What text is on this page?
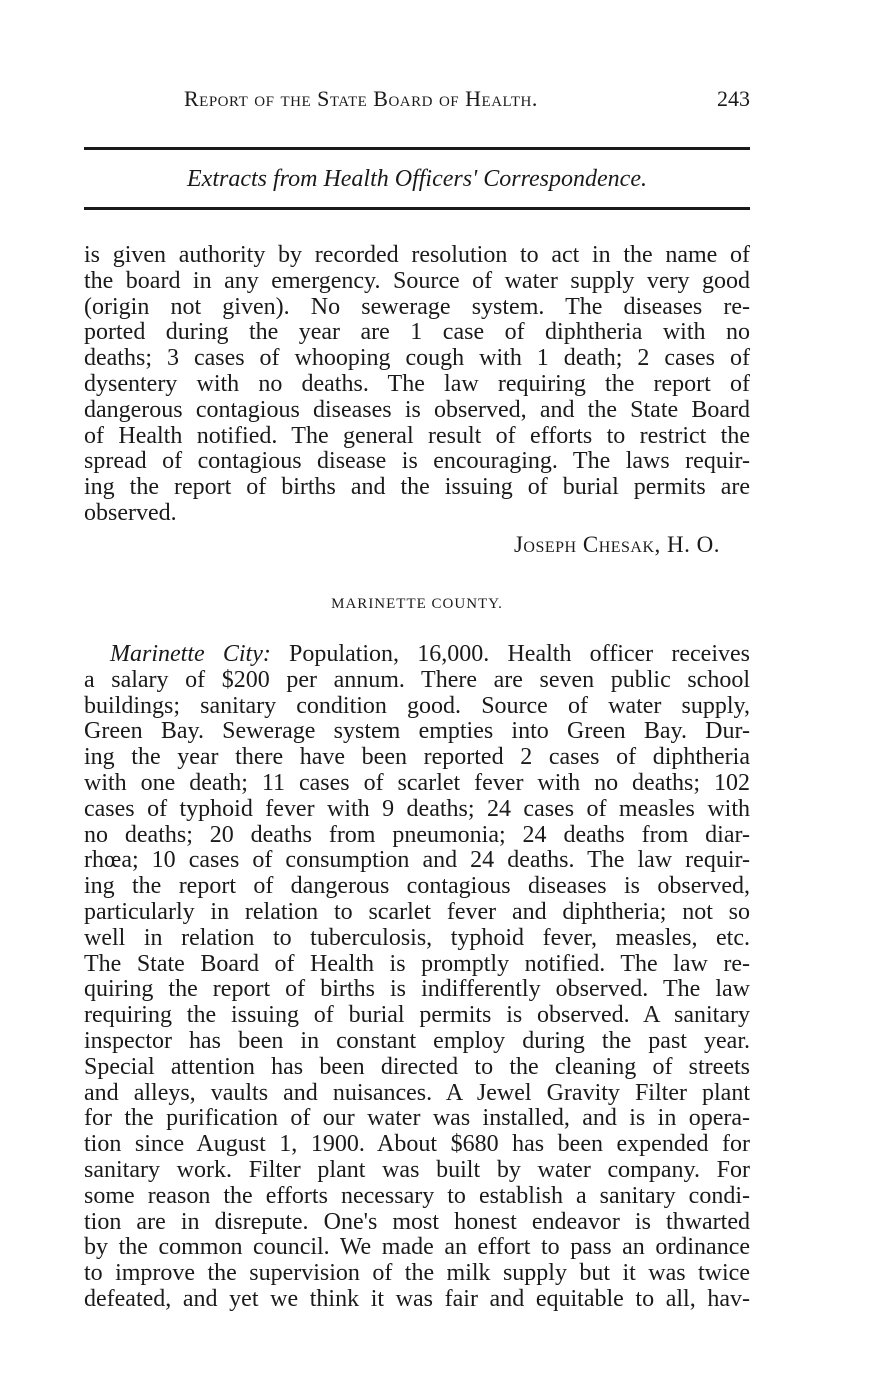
Report of the State Board of Health.	243
Extracts from Health Officers' Correspondence.
is given authority by recorded resolution to act in the name of
the board in any emergency. Source of water supply very good
(origin not given). No sewerage system. The diseases re-
ported during the year are 1 case of diphtheria with no
deaths; 3 cases of whooping cough with 1 death; 2 cases of
dysentery with no deaths. The law requiring the report of
dangerous contagious diseases is observed, and the State Board
of Health notified. The general result of efforts to restrict the
spread of contagious disease is encouraging. The laws requir-
ing the report of births and the issuing of burial permits are
observed.
Joseph Chesak, H. O.
MARINETTE COUNTY.
Marinette City: Population, 16,000. Health officer receives
a salary of $200 per annum. There are seven public school
buildings; sanitary condition good. Source of water supply,
Green Bay. Sewerage system empties into Green Bay. Dur-
ing the year there have been reported 2 cases of diphtheria
with one death; 11 cases of scarlet fever with no deaths; 102
cases of typhoid fever with 9 deaths; 24 cases of measles with
no deaths; 20 deaths from pneumonia; 24 deaths from diar-
rhœa; 10 cases of consumption and 24 deaths. The law requir-
ing the report of dangerous contagious diseases is observed,
particularly in relation to scarlet fever and diphtheria; not so
well in relation to tuberculosis, typhoid fever, measles, etc.
The State Board of Health is promptly notified. The law re-
quiring the report of births is indifferently observed. The law
requiring the issuing of burial permits is observed. A sanitary
inspector has been in constant employ during the past year.
Special attention has been directed to the cleaning of streets
and alleys, vaults and nuisances. A Jewel Gravity Filter plant
for the purification of our water was installed, and is in opera-
tion since August 1, 1900. About $680 has been expended for
sanitary work. Filter plant was built by water company. For
some reason the efforts necessary to establish a sanitary condi-
tion are in disrepute. One's most honest endeavor is thwarted
by the common council. We made an effort to pass an ordinance
to improve the supervision of the milk supply but it was twice
defeated, and yet we think it was fair and equitable to all, hav-
